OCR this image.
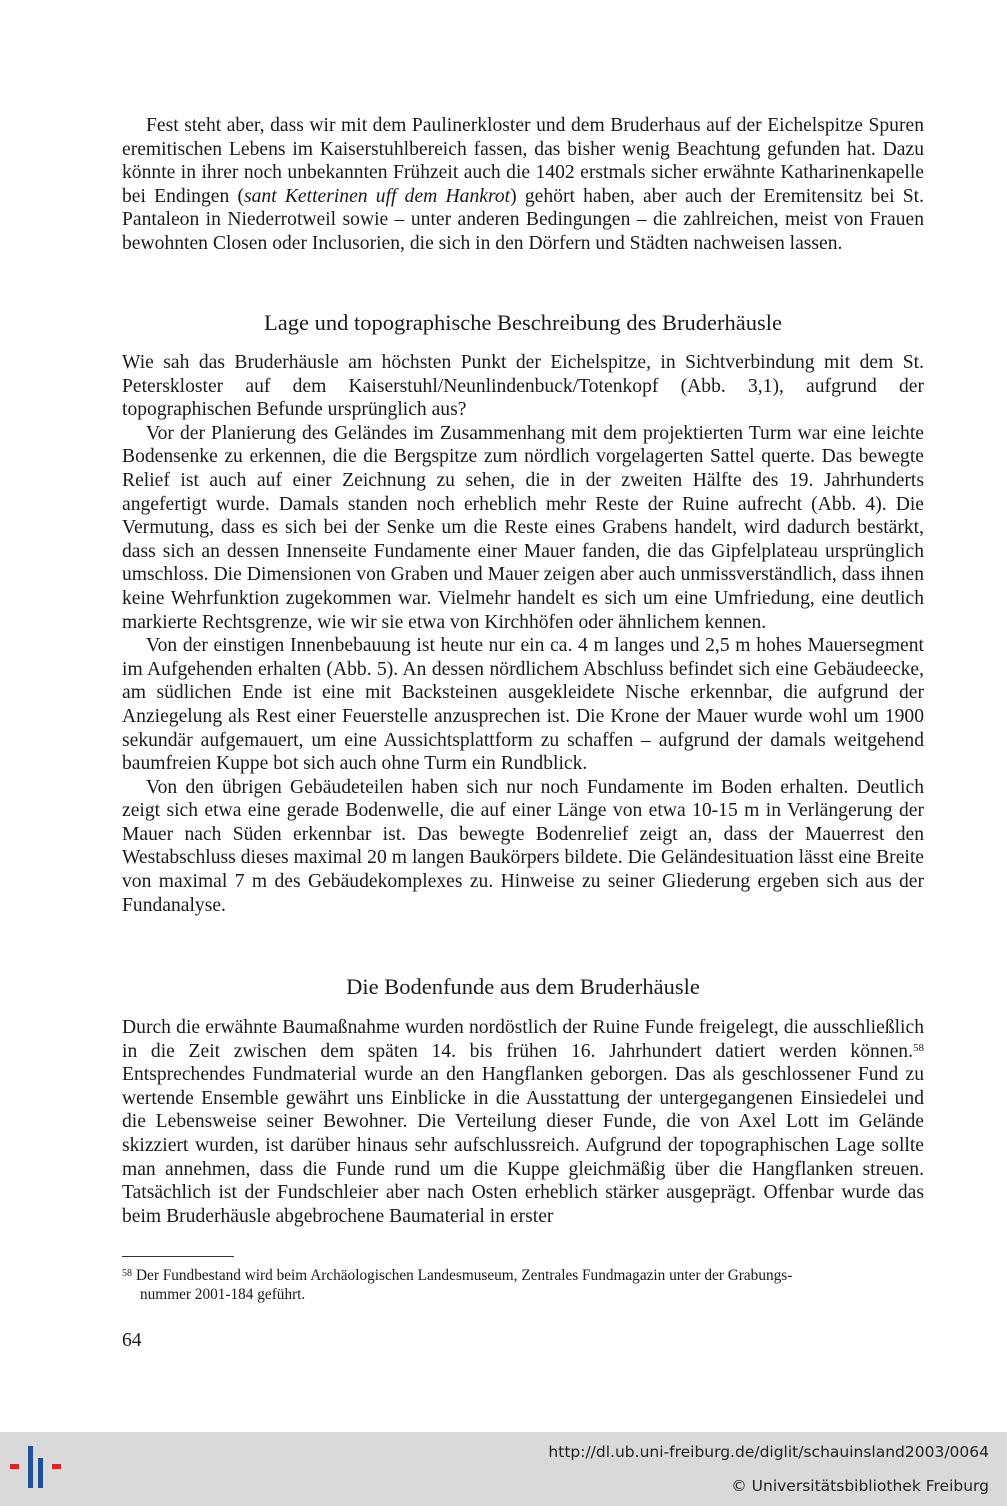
Fest steht aber, dass wir mit dem Paulinerkloster und dem Bruderhaus auf der Eichelspitze Spuren eremitischen Lebens im Kaiserstuhlbereich fassen, das bisher wenig Beachtung gefunden hat. Dazu könnte in ihrer noch unbekannten Frühzeit auch die 1402 erstmals sicher erwähnte Katharinenkapelle bei Endingen (sant Ketterinen uff dem Hankrot) gehört haben, aber auch der Eremitensitz bei St. Pantaleon in Niederrotweil sowie – unter anderen Bedingungen – die zahlreichen, meist von Frauen bewohnten Closen oder Inclusorien, die sich in den Dörfern und Städten nachweisen lassen.

Lage und topographische Beschreibung des Bruderhäusle

Wie sah das Bruderhäusle am höchsten Punkt der Eichelspitze, in Sichtverbindung mit dem St. Peterskloster auf dem Kaiserstuhl/Neunlindenbuck/Totenkopf (Abb. 3,1), aufgrund der topographischen Befunde ursprünglich aus?

Vor der Planierung des Geländes im Zusammenhang mit dem projektierten Turm war eine leichte Bodensenke zu erkennen, die die Bergspitze zum nördlich vorgelagerten Sattel querte. Das bewegte Relief ist auch auf einer Zeichnung zu sehen, die in der zweiten Hälfte des 19. Jahrhunderts angefertigt wurde. Damals standen noch erheblich mehr Reste der Ruine aufrecht (Abb. 4). Die Vermutung, dass es sich bei der Senke um die Reste eines Grabens handelt, wird dadurch bestärkt, dass sich an dessen Innenseite Fundamente einer Mauer fanden, die das Gipfelplateau ursprünglich umschloss. Die Dimensionen von Graben und Mauer zeigen aber auch unmissverständlich, dass ihnen keine Wehrfunktion zugekommen war. Vielmehr handelt es sich um eine Umfriedung, eine deutlich markierte Rechtsgrenze, wie wir sie etwa von Kirchhöfen oder ähnlichem kennen.

Von der einstigen Innenbebauung ist heute nur ein ca. 4 m langes und 2,5 m hohes Mauersegment im Aufgehenden erhalten (Abb. 5). An dessen nördlichem Abschluss befindet sich eine Gebäudeecke, am südlichen Ende ist eine mit Backsteinen ausgekleidete Nische erkennbar, die aufgrund der Anziegelung als Rest einer Feuerstelle anzusprechen ist. Die Krone der Mauer wurde wohl um 1900 sekundär aufgemauert, um eine Aussichtsplattform zu schaffen – aufgrund der damals weitgehend baumfreien Kuppe bot sich auch ohne Turm ein Rundblick.

Von den übrigen Gebäudeteilen haben sich nur noch Fundamente im Boden erhalten. Deutlich zeigt sich etwa eine gerade Bodenwelle, die auf einer Länge von etwa 10-15 m in Verlängerung der Mauer nach Süden erkennbar ist. Das bewegte Bodenrelief zeigt an, dass der Mauerrest den Westabschluss dieses maximal 20 m langen Baukörpers bildete. Die Geländesituation lässt eine Breite von maximal 7 m des Gebäudekomplexes zu. Hinweise zu seiner Gliederung ergeben sich aus der Fundanalyse.

Die Bodenfunde aus dem Bruderhäusle

Durch die erwähnte Baumaßnahme wurden nordöstlich der Ruine Funde freigelegt, die ausschließlich in die Zeit zwischen dem späten 14. bis frühen 16. Jahrhundert datiert werden können.$^{58}$ Entsprechendes Fundmaterial wurde an den Hangflanken geborgen. Das als geschlossener Fund zu wertende Ensemble gewährt uns Einblicke in die Ausstattung der untergegangenen Einsiedelei und die Lebensweise seiner Bewohner. Die Verteilung dieser Funde, die von Axel Lott im Gelände skizziert wurden, ist darüber hinaus sehr aufschlussreich. Aufgrund der topographischen Lage sollte man annehmen, dass die Funde rund um die Kuppe gleichmäßig über die Hangflanken streuen. Tatsächlich ist der Fundschleier aber nach Osten erheblich stärker ausgeprägt. Offenbar wurde das beim Bruderhäusle abgebrochene Baumaterial in erster

$^{58}$ Der Fundbestand wird beim Archäologischen Landesmuseum, Zentrales Fundmagazin unter der Grabungs-
nummer 2001-184 geführt.
64
http://dl.ub.uni-freiburg.de/diglit/schauinsland2003/0064
© Universitätsbibliothek Freiburg
